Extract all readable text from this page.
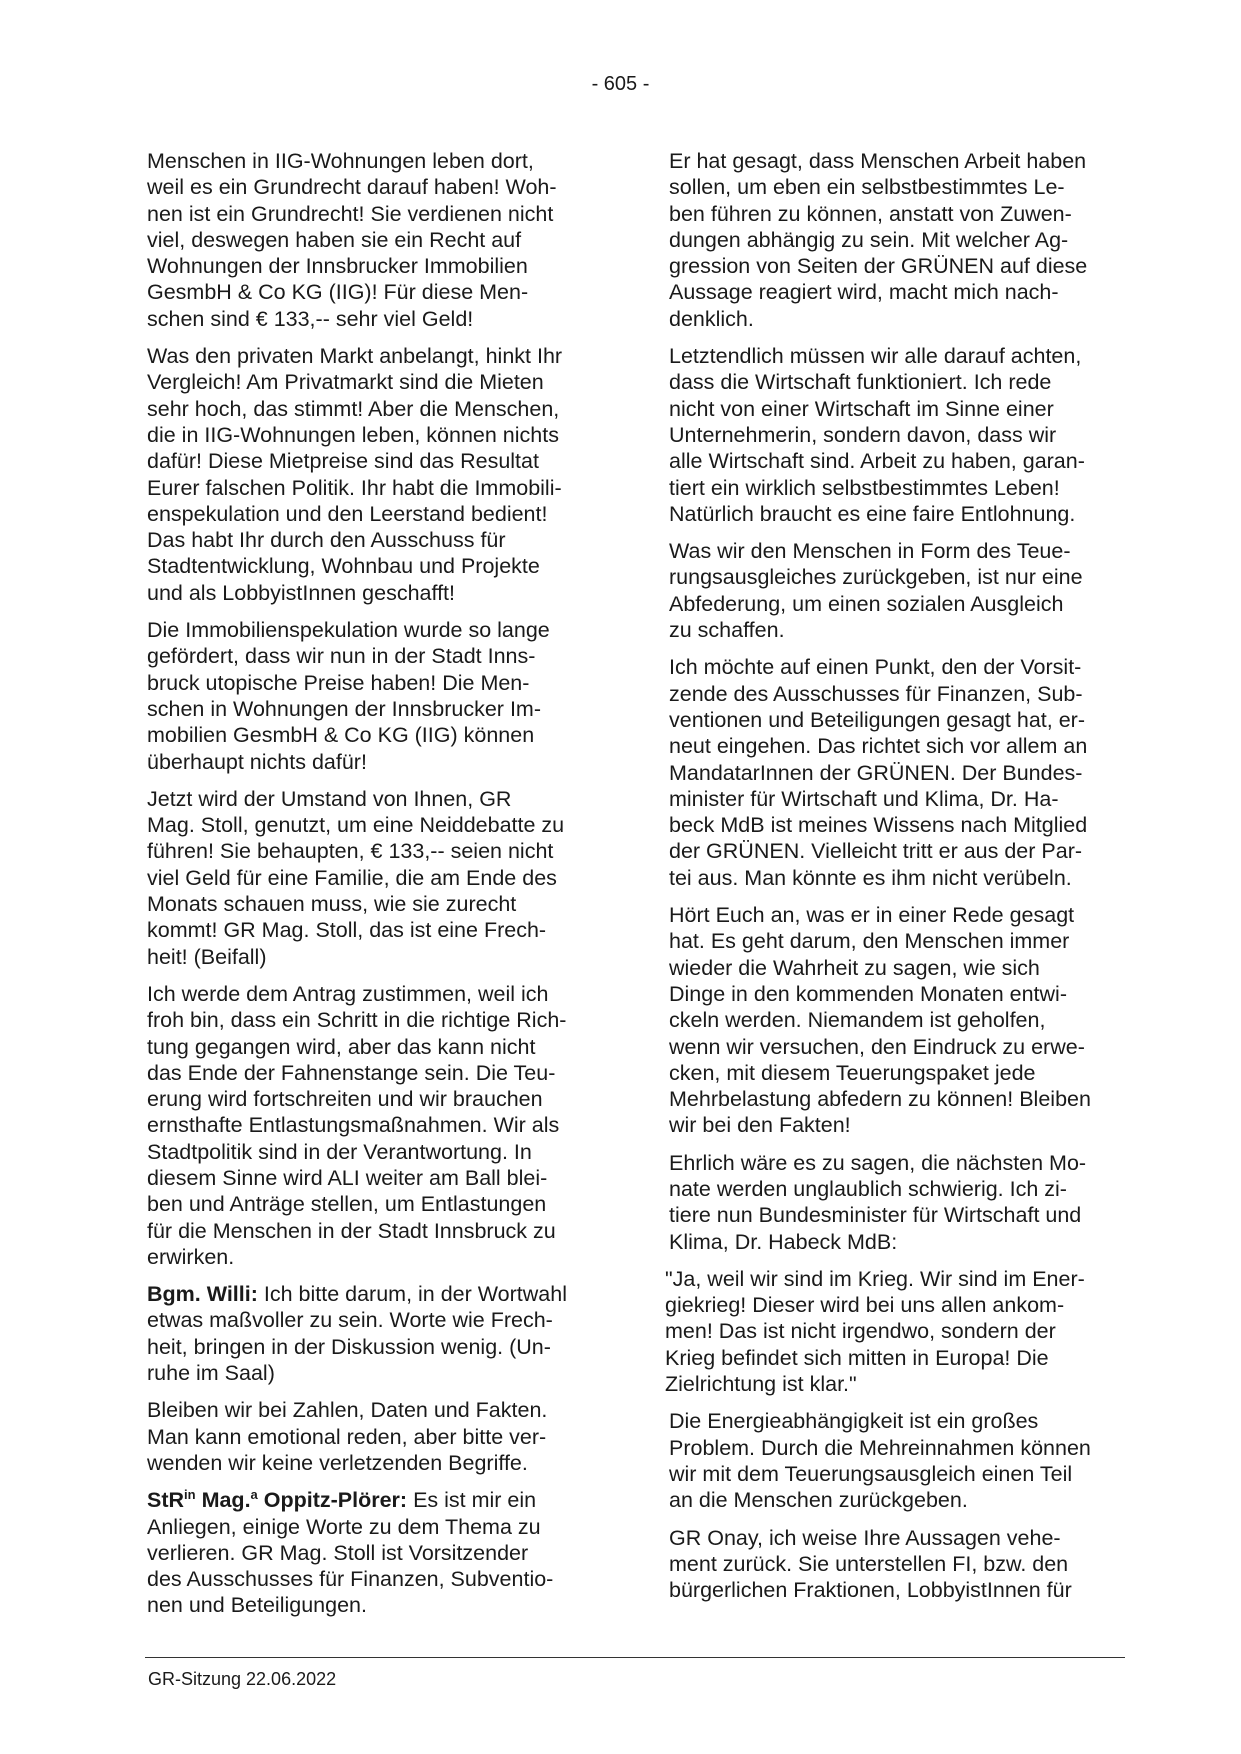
- 605 -

Menschen in IIG-Wohnungen leben dort,
weil es ein Grundrecht darauf haben! Woh-
nen ist ein Grundrecht! Sie verdienen nicht
viel, deswegen haben sie ein Recht auf
Wohnungen der Innsbrucker Immobilien
GesmbH & Co KG (IIG)! Für diese Men-
schen sind € 133,-- sehr viel Geld!

Was den privaten Markt anbelangt, hinkt Ihr
Vergleich! Am Privatmarkt sind die Mieten
sehr hoch, das stimmt! Aber die Menschen,
die in IIG-Wohnungen leben, können nichts
dafür! Diese Mietpreise sind das Resultat
Eurer falschen Politik. Ihr habt die Immobili-
enspekulation und den Leerstand bedient!
Das habt Ihr durch den Ausschuss für
Stadtentwicklung, Wohnbau und Projekte
und als LobbyistInnen geschafft!

Die Immobilienspekulation wurde so lange
gefördert, dass wir nun in der Stadt Inns-
bruck utopische Preise haben! Die Men-
schen in Wohnungen der Innsbrucker Im-
mobilien GesmbH & Co KG (IIG) können
überhaupt nichts dafür!

Jetzt wird der Umstand von Ihnen, GR
Mag. Stoll, genutzt, um eine Neiddebatte zu
führen! Sie behaupten, € 133,-- seien nicht
viel Geld für eine Familie, die am Ende des
Monats schauen muss, wie sie zurecht
kommt! GR Mag. Stoll, das ist eine Frech-
heit! (Beifall)

Ich werde dem Antrag zustimmen, weil ich
froh bin, dass ein Schritt in die richtige Rich-
tung gegangen wird, aber das kann nicht
das Ende der Fahnenstange sein. Die Teu-
erung wird fortschreiten und wir brauchen
ernsthafte Entlastungsmaßnahmen. Wir als
Stadtpolitik sind in der Verantwortung. In
diesem Sinne wird ALI weiter am Ball blei-
ben und Anträge stellen, um Entlastungen
für die Menschen in der Stadt Innsbruck zu
erwirken.

Bgm. Willi: Ich bitte darum, in der Wortwahl
etwas maßvoller zu sein. Worte wie Frech-
heit, bringen in der Diskussion wenig. (Un-
ruhe im Saal)

Bleiben wir bei Zahlen, Daten und Fakten.
Man kann emotional reden, aber bitte ver-
wenden wir keine verletzenden Begriffe.

StR$^{in}$ Mag.$^a$ Oppitz-Plörer: Es ist mir ein
Anliegen, einige Worte zu dem Thema zu
verlieren. GR Mag. Stoll ist Vorsitzender
des Ausschusses für Finanzen, Subventio-
nen und Beteiligungen.

Er hat gesagt, dass Menschen Arbeit haben
sollen, um eben ein selbstbestimmtes Le-
ben führen zu können, anstatt von Zuwen-
dungen abhängig zu sein. Mit welcher Ag-
gression von Seiten der GRÜNEN auf diese
Aussage reagiert wird, macht mich nach-
denklich.

Letztendlich müssen wir alle darauf achten,
dass die Wirtschaft funktioniert. Ich rede
nicht von einer Wirtschaft im Sinne einer
Unternehmerin, sondern davon, dass wir
alle Wirtschaft sind. Arbeit zu haben, garan-
tiert ein wirklich selbstbestimmtes Leben!
Natürlich braucht es eine faire Entlohnung.

Was wir den Menschen in Form des Teue-
rungsausgleiches zurückgeben, ist nur eine
Abfederung, um einen sozialen Ausgleich
zu schaffen.

Ich möchte auf einen Punkt, den der Vorsit-
zende des Ausschusses für Finanzen, Sub-
ventionen und Beteiligungen gesagt hat, er-
neut eingehen. Das richtet sich vor allem an
MandatarInnen der GRÜNEN. Der Bundes-
minister für Wirtschaft und Klima, Dr. Ha-
beck MdB ist meines Wissens nach Mitglied
der GRÜNEN. Vielleicht tritt er aus der Par-
tei aus. Man könnte es ihm nicht verübeln.

Hört Euch an, was er in einer Rede gesagt
hat. Es geht darum, den Menschen immer
wieder die Wahrheit zu sagen, wie sich
Dinge in den kommenden Monaten entwi-
ckeln werden. Niemandem ist geholfen,
wenn wir versuchen, den Eindruck zu erwe-
cken, mit diesem Teuerungspaket jede
Mehrbelastung abfedern zu können! Bleiben
wir bei den Fakten!

Ehrlich wäre es zu sagen, die nächsten Mo-
nate werden unglaublich schwierig. Ich zi-
tiere nun Bundesminister für Wirtschaft und
Klima, Dr. Habeck MdB:

"Ja, weil wir sind im Krieg. Wir sind im Ener-
giekrieg! Dieser wird bei uns allen ankom-
men! Das ist nicht irgendwo, sondern der
Krieg befindet sich mitten in Europa! Die
Zielrichtung ist klar."

Die Energieabhängigkeit ist ein großes
Problem. Durch die Mehreinnahmen können
wir mit dem Teuerungsausgleich einen Teil
an die Menschen zurückgeben.

GR Onay, ich weise Ihre Aussagen vehe-
ment zurück. Sie unterstellen FI, bzw. den
bürgerlichen Fraktionen, LobbyistInnen für

GR-Sitzung 22.06.2022
